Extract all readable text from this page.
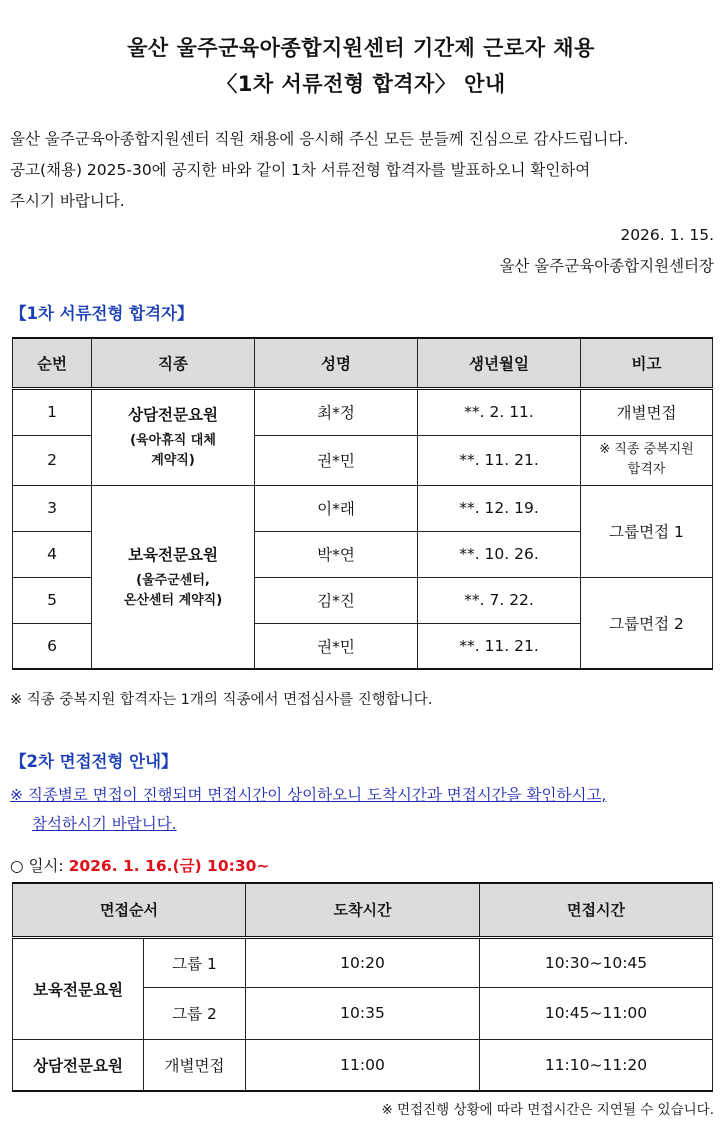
울산 울주군육아종합지원센터 기간제 근로자 채용
〈1차 서류전형 합격자〉 안내
울산 울주군육아종합지원센터 직원 채용에 응시해 주신 모든 분들께 진심으로 감사드립니다.
공고(채용) 2025-30에 공지한 바와 같이 1차 서류전형 합격자를 발표하오니 확인하여
주시기 바랍니다.
2026. 1. 15.
울산 울주군육아종합지원센터장
【1차 서류전형 합격자】
순번	직종	성명	생년월일	비고
1	상담전문요원
(육아휴직 대체
계약직)	최*정	**. 2. 11.	개별면접
2		권*민	**. 11. 21.	※ 직종 중복지원
합격자
3	보육전문요원
(울주군센터,
온산센터 계약직)	이*래	**. 12. 19.	그룹면접 1
4		박*연	**. 10. 26.	
5		김*진	**. 7. 22.	그룹면접 2
6		권*민	**. 11. 21.	
※ 직종 중복지원 합격자는 1개의 직종에서 면접심사를 진행합니다.
【2차 면접전형 안내】
※ 직종별로 면접이 진행되며 면접시간이 상이하오니 도착시간과 면접시간을 확인하시고,
참석하시기 바랍니다.
○ 일시: 2026. 1. 16.(금) 10:30~
면접순서		도착시간	면접시간
보육전문요원	그룹 1	10:20	10:30~10:45
	그룹 2	10:35	10:45~11:00
상담전문요원	개별면접	11:00	11:10~11:20
※ 면접진행 상황에 따라 면접시간은 지연될 수 있습니다.
